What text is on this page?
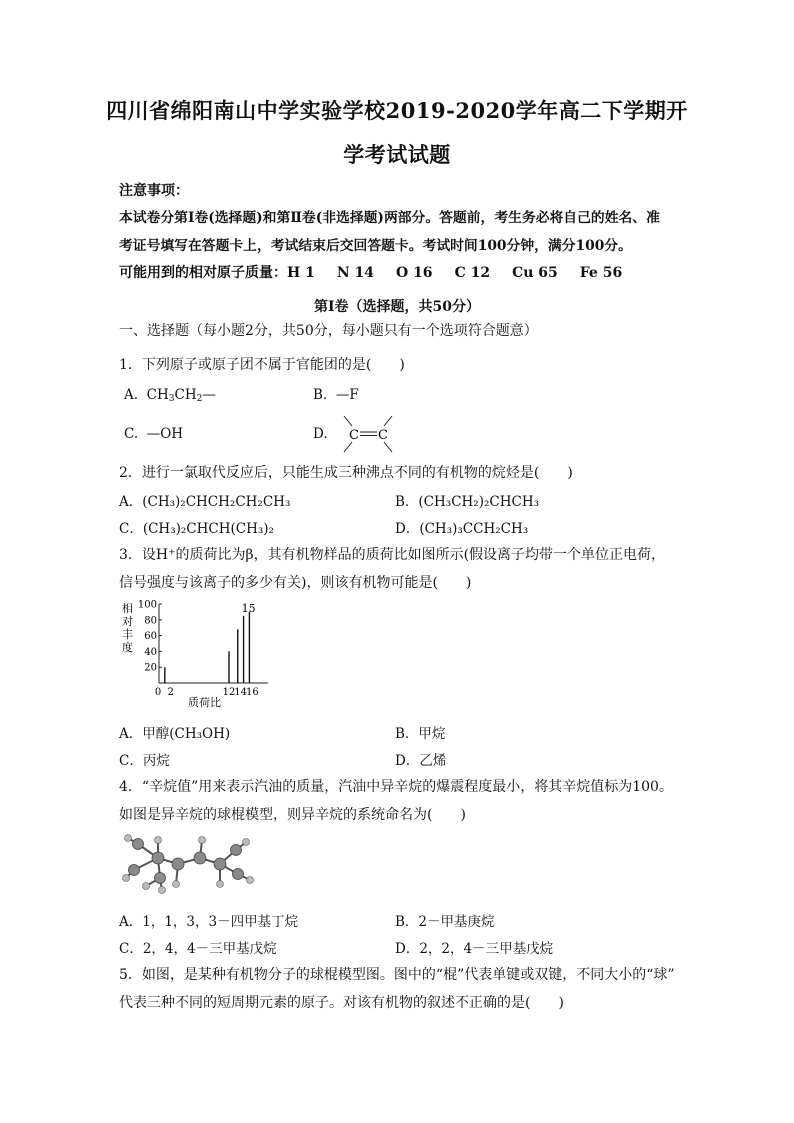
四川省绵阳南山中学实验学校2019-2020学年高二下学期开
学考试试题
注意事项：
本试卷分第Ⅰ卷(选择题)和第Ⅱ卷(非选择题)两部分。答题前，考生务必将自己的姓名、准
考证号填写在答题卡上，考试结束后交回答题卡。考试时间100分钟，满分100分。
可能用到的相对原子质量：H 1 N 14 O 16 C 12 Cu 65 Fe 56
第Ⅰ卷（选择题，共50分）
一、选择题（每小题2分，共50分，每小题只有一个选项符合题意）
1．下列原子或原子团不属于官能团的是(　　)
A. $CH_3CH_2—$	B. —F
C. —OH	D. C C
2．进行一氯取代反应后，只能生成三种沸点不同的有机物的烷烃是(　　)
A．(CH₃)₂CHCH₂CH₂CH₃	B．(CH₃CH₂)₂CHCH₃
C．(CH₃)₂CHCH(CH₃)₂	D．(CH₃)₃CCH₂CH₃
3．设H⁺的质荷比为β，其有机物样品的质荷比如图所示(假设离子均带一个单位正电荷，
信号强度与该离子的多少有关)，则该有机物可能是(　　)
相
对
丰
度
20
40
60
80
100
0 2	12
14
16
15
质荷比
A．甲醇(CH₃OH)	B．甲烷
C．丙烷	D．乙烯
4．“辛烷值”用来表示汽油的质量，汽油中异辛烷的爆震程度最小，将其辛烷值标为100。
如图是异辛烷的球棍模型，则异辛烷的系统命名为(　　)
A．1，1，3，3－四甲基丁烷	B．2－甲基庚烷
C．2，4，4－三甲基戊烷	D．2，2，4－三甲基戊烷
5．如图，是某种有机物分子的球棍模型图。图中的“棍”代表单键或双键，不同大小的“球”
代表三种不同的短周期元素的原子。对该有机物的叙述不正确的是(　　)
